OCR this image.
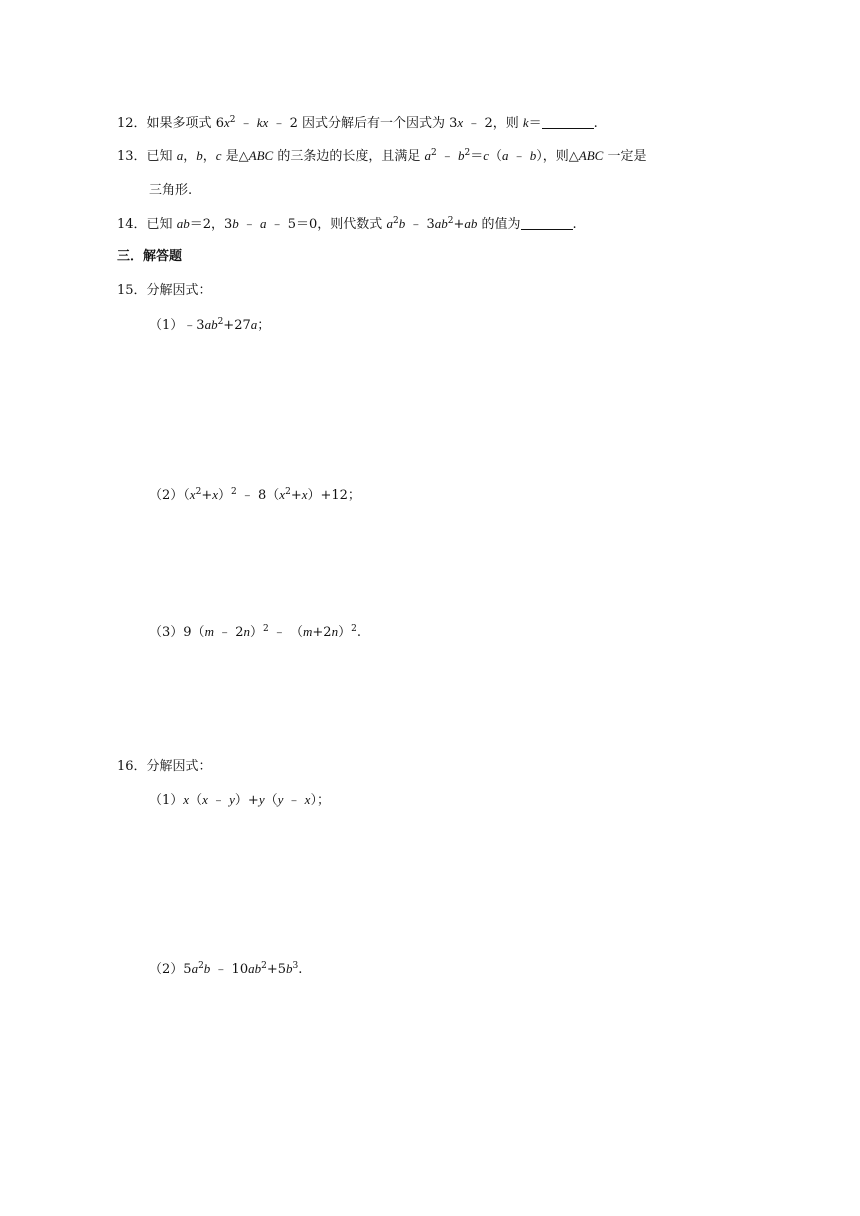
12．如果多项式 $6x^2$ ﹣ kx ﹣ 2 因式分解后有一个因式为 3x ﹣ 2，则 k＝	.
13．已知 a，b，c 是△ABC 的三条边的长度，且满足 $a^2$ ﹣ $b^2=c(a$ ﹣ b），则△ABC 一定是
三角形.
14．已知 ab＝2，3b ﹣ a ﹣ 5＝0，则代数式 $a^2b$ ﹣ $3ab^2+ab$ 的值为	.
三．解答题
15．分解因式：
$(1)﹣3ab^2+27a$；
$(2)(x^2+x)^2$ ﹣ $8(x^2+x)+12$；
（3）9（m ﹣ 2n）$^2$ ﹣ $(m+2n)^2$.
16．分解因式：
（1）x（x ﹣ y）+y（y ﹣ x）；
$(2)5a^2b$ ﹣ $10ab^2+5b^3$.
